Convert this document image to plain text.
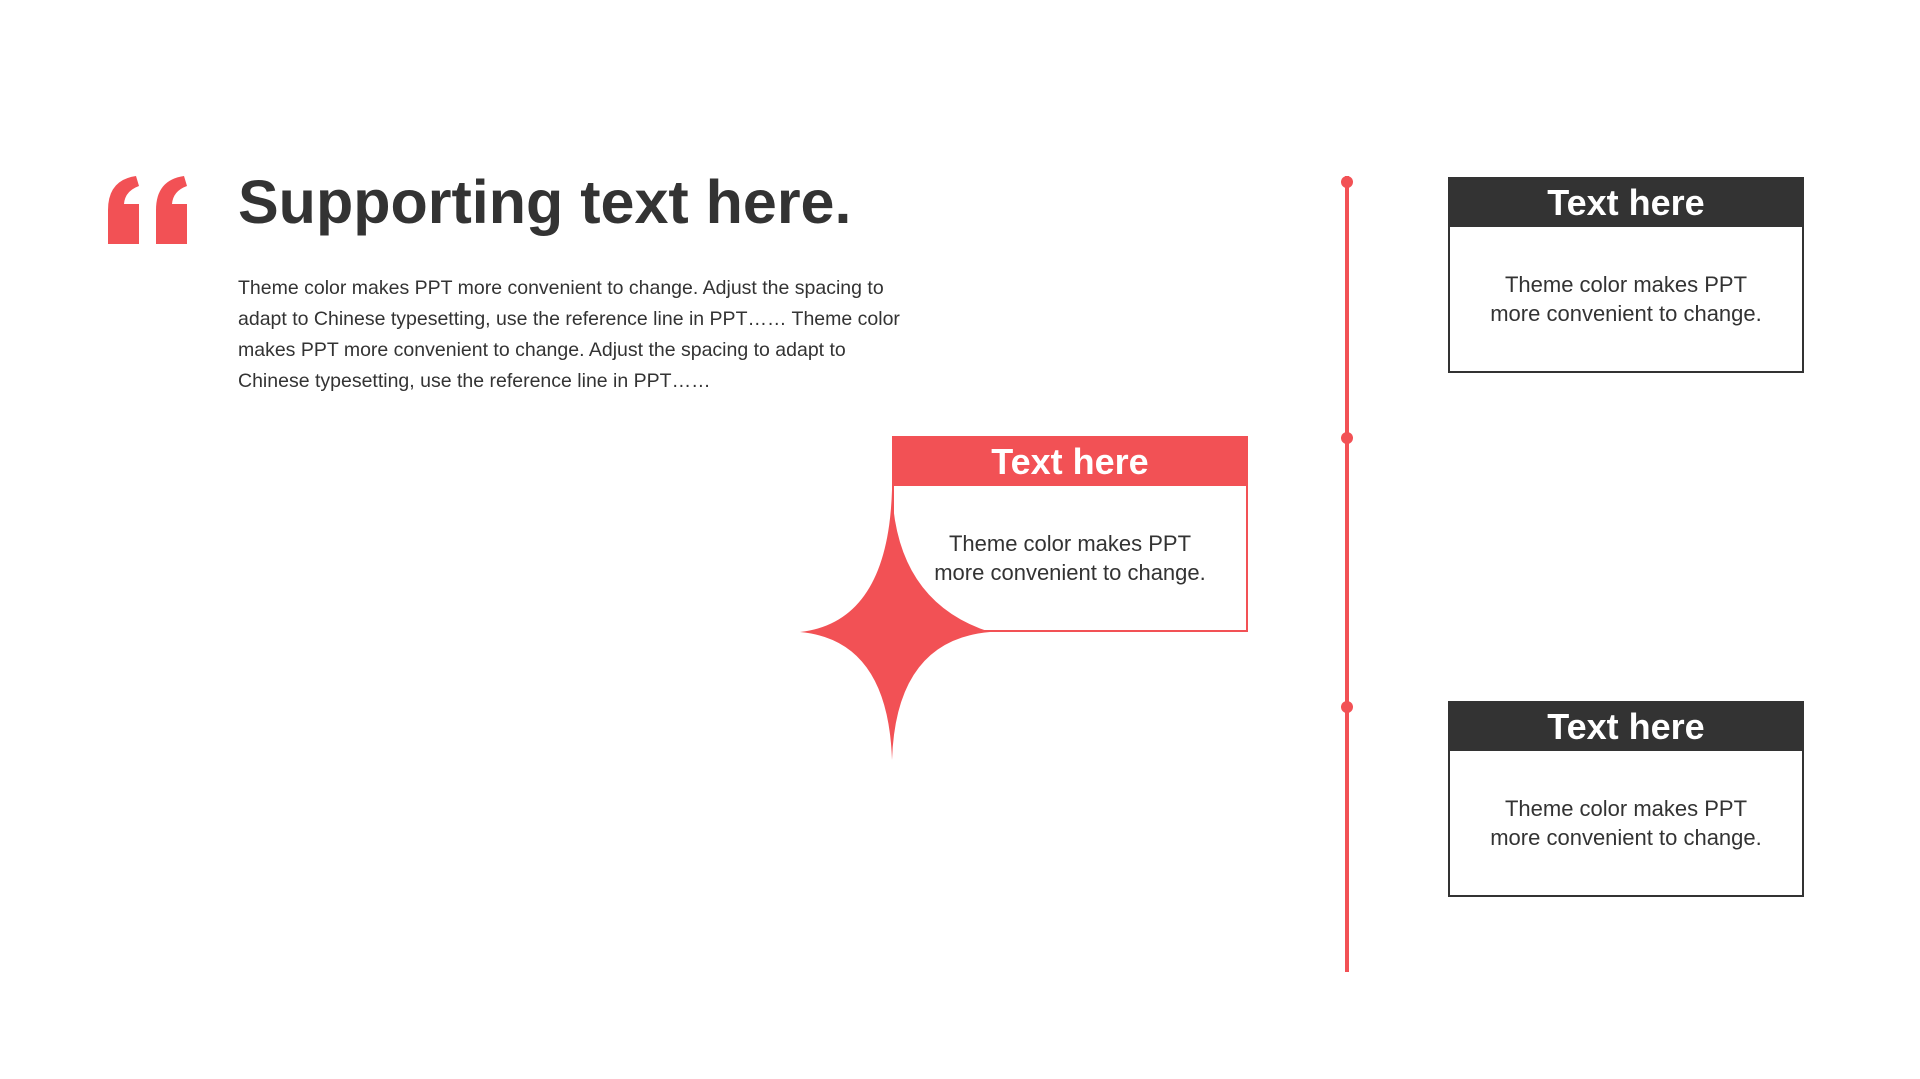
Supporting text here.

Theme color makes PPT more convenient to change. Adjust the spacing to adapt to Chinese typesetting, use the reference line in PPT…… Theme color makes PPT more convenient to change. Adjust the spacing to adapt to Chinese typesetting, use the reference line in PPT……

Text here

Theme color makes PPT
more convenient to change.

Text here

Theme color makes PPT
more convenient to change.

Text here

Theme color makes PPT
more convenient to change.
